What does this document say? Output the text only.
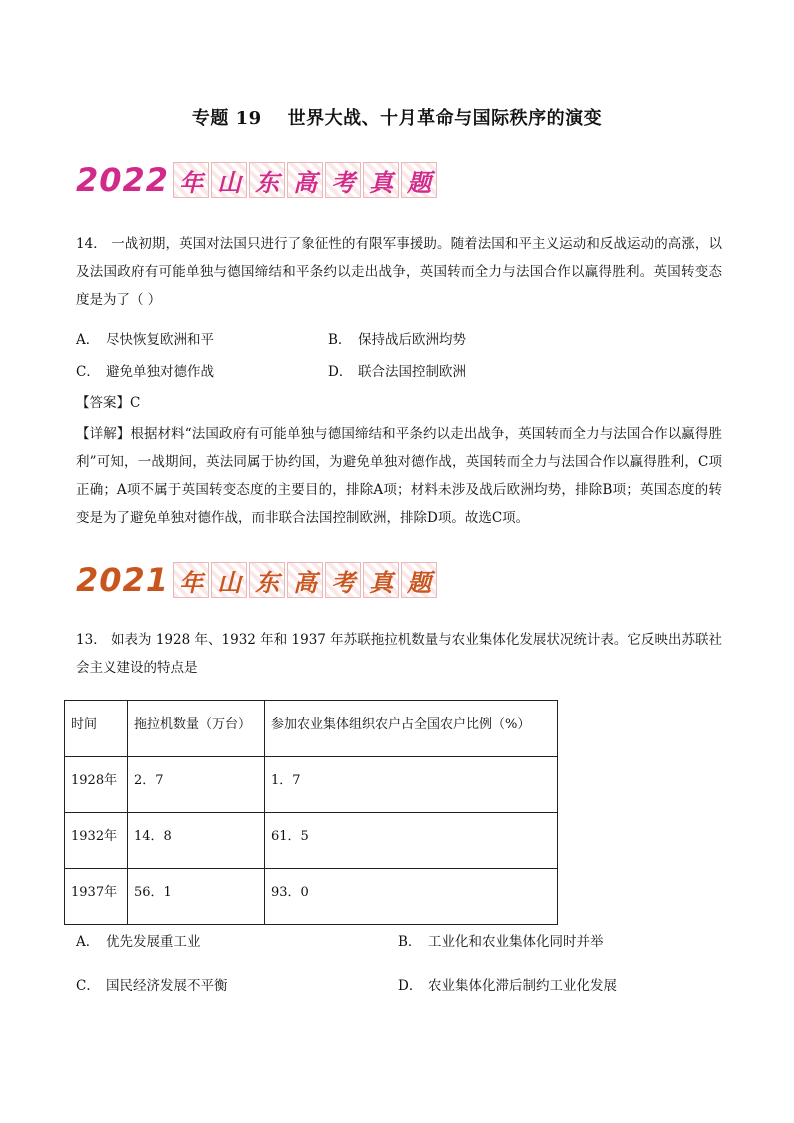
专题 19 世界大战、十月革命与国际秩序的演变
2022 年 山 东 高 考 真 题

14． 一战初期，英国对法国只进行了象征性的有限军事援助。随着法国和平主义运动和反战运动的高涨，以及法国政府有可能单独与德国缔结和平条约以走出战争，英国转而全力与法国合作以赢得胜利。英国转变态度是为了（ ）

A． 尽快恢复欧洲和平	B． 保持战后欧洲均势
C． 避免单独对德作战	D． 联合法国控制欧洲
【答案】C

【详解】根据材料“法国政府有可能单独与德国缔结和平条约以走出战争，英国转而全力与法国合作以赢得胜利”可知，一战期间，英法同属于协约国，为避免单独对德作战，英国转而全力与法国合作以赢得胜利，C项正确；A项不属于英国转变态度的主要目的，排除A项；材料未涉及战后欧洲均势，排除B项；英国态度的转变是为了避免单独对德作战，而非联合法国控制欧洲，排除D项。故选C项。

2021 年 山 东 高 考 真 题

13． 如表为 1928 年、1932 年和 1937 年苏联拖拉机数量与农业集体化发展状况统计表。它反映出苏联社会主义建设的特点是

时间	拖拉机数量（万台）	参加农业集体组织农户占全国农户比例（%）
1928年	2．7	1．7
1932年	14．8	61．5
1937年	56．1	93．0
A． 优先发展重工业	B． 工业化和农业集体化同时并举
C． 国民经济发展不平衡	D． 农业集体化滞后制约工业化发展
